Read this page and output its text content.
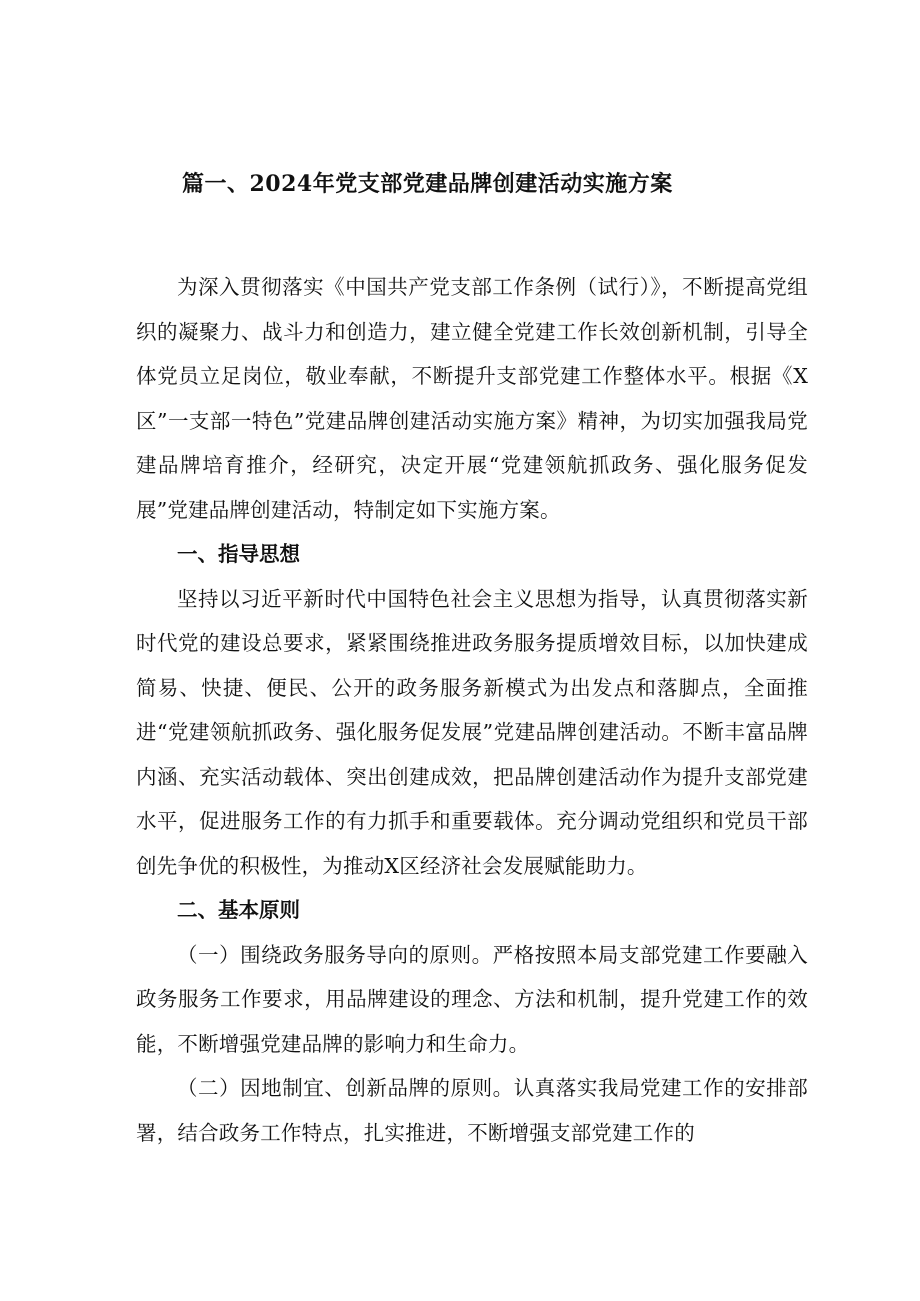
篇一、2024年党支部党建品牌创建活动实施方案

为深入贯彻落实《中国共产党支部工作条例（试行）》，不断提高党组织的凝聚力、战斗力和创造力，建立健全党建工作长效创新机制，引导全体党员立足岗位，敬业奉献，不断提升支部党建工作整体水平。根据《X区”一支部一特色”党建品牌创建活动实施方案》精神，为切实加强我局党建品牌培育推介，经研究，决定开展“党建领航抓政务、强化服务促发展”党建品牌创建活动，特制定如下实施方案。

一、指导思想

坚持以习近平新时代中国特色社会主义思想为指导，认真贯彻落实新时代党的建设总要求，紧紧围绕推进政务服务提质增效目标，以加快建成简易、快捷、便民、公开的政务服务新模式为出发点和落脚点，全面推进“党建领航抓政务、强化服务促发展”党建品牌创建活动。不断丰富品牌内涵、充实活动载体、突出创建成效，把品牌创建活动作为提升支部党建水平，促进服务工作的有力抓手和重要载体。充分调动党组织和党员干部创先争优的积极性，为推动X区经济社会发展赋能助力。

二、基本原则

（一）围绕政务服务导向的原则。严格按照本局支部党建工作要融入政务服务工作要求，用品牌建设的理念、方法和机制，提升党建工作的效能，不断增强党建品牌的影响力和生命力。

（二）因地制宜、创新品牌的原则。认真落实我局党建工作的安排部署，结合政务工作特点，扎实推进，不断增强支部党建工作的
